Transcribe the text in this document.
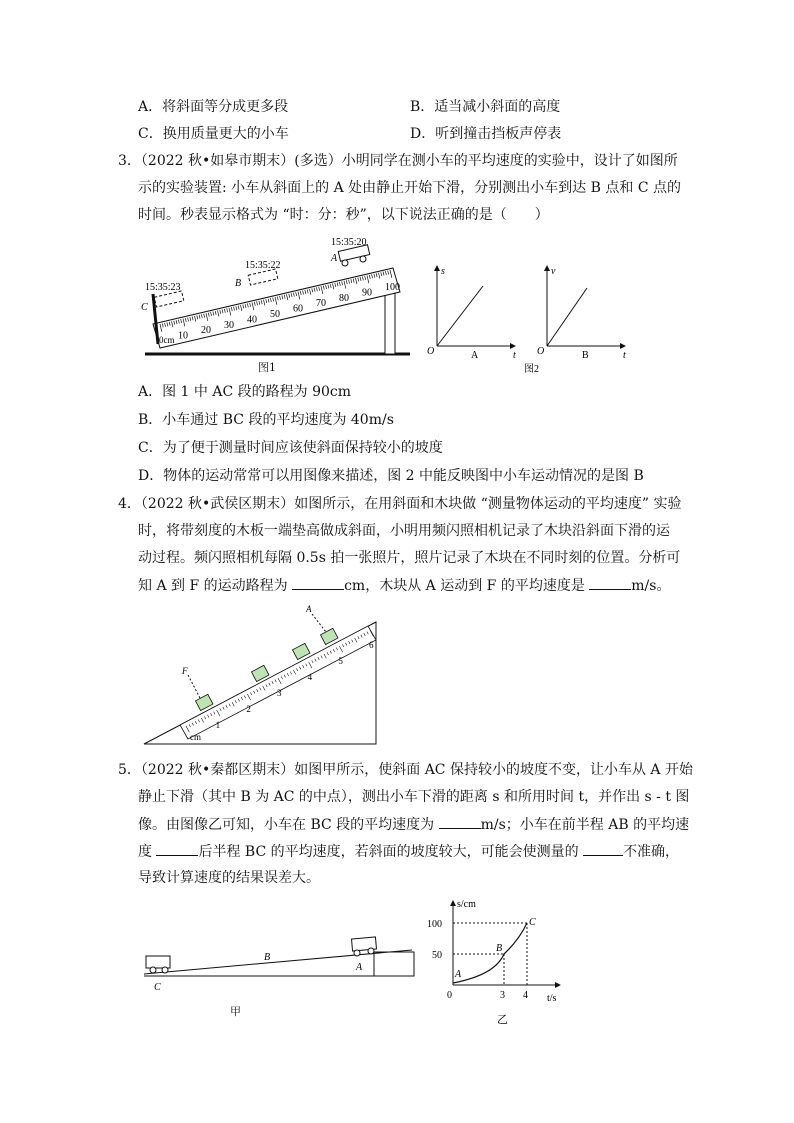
A．将斜面等分成更多段	B．适当减小斜面的高度
C．换用质量更大的小车	D．听到撞击挡板声停表
3．（2022 秋•如皋市期末）(多选）小明同学在测小车的平均速度的实验中，设计了如图所
示的实验装置: 小车从斜面上的 A 处由静止开始下滑，分别测出小车到达 B 点和 C 点的
时间。秒表显示格式为 “时：分：秒”，以下说法正确的是（　　）
15:35:20
15:35:22
15:35:23
A
B
C
0cm 10 20 30 40 50 60 70 80 90 100
图1
s
t
O	A
v
t
O	B
图2
A．图 1 中 AC 段的路程为 90cm
B．小车通过 BC 段的平均速度为 40m/s
C．为了便于测量时间应该使斜面保持较小的坡度
D．物体的运动常常可以用图像来描述，图 2 中能反映图中小车运动情况的是图 B
4．（2022 秋•武侯区期末）如图所示，在用斜面和木块做 “测量物体运动的平均速度” 实验
时，将带刻度的木板一端垫高做成斜面，小明用频闪照相机记录了木块沿斜面下滑的运
动过程。频闪照相机每隔 0.5s 拍一张照片，照片记录了木块在不同时刻的位置。分析可
知 A 到 F 的运动路程为	cm，木块从 A 运动到 F 的平均速度是	m/s。
F
A
cm
1
2
3
4
5
6
5．（2022 秋•秦都区期末）如图甲所示，使斜面 AC 保持较小的坡度不变，让小车从 A 开始
静止下滑（其中 B 为 AC 的中点），测出小车下滑的距离 s 和所用时间 t，并作出 s - t 图
像。由图像乙可知，小车在 BC 段的平均速度为	m/s；小车在前半程 AB 的平均速
度	后半程 BC 的平均速度，若斜面的坡度较大，可能会使测量的	不准确，
导致计算速度的结果误差大。
C
B
A
甲
s/cm
t/s
0
50
100
3 4
A
B
C
乙
